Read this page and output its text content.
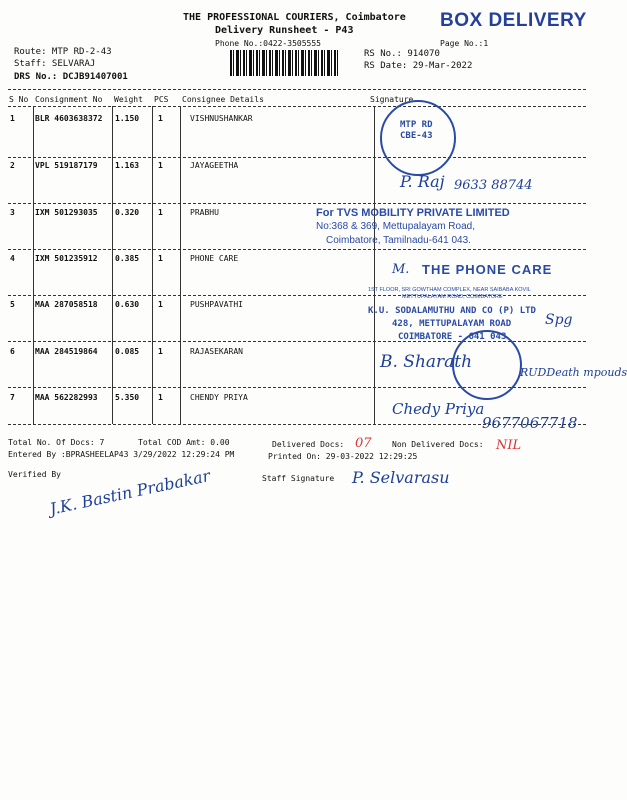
THE PROFESSIONAL COURIERS, Coimbatore
Delivery Runsheet - P43
Phone No.:0422-3505555	Page No.:1
BOX DELIVERY
Route: MTP RD-2-43
Staff: SELVARAJ
DRS No.: DCJB91407001
RS No.: 914070
RS Date: 29-Mar-2022
S No Consignment No Weight PCS Consignee Details	Signature
1	BLR 4603638372 1.150 1	VISHNUSHANKAR
2	VPL 519187179 1.163 1	JAYAGEETHA
3	IXM 501293035 0.320 1	PRABHU
4	IXM 501235912 0.385 1	PHONE CARE
5	MAA 287058518 0.630 1	PUSHPAVATHI
6	MAA 284519864 0.085 1	RAJASEKARAN
7	MAA 562282993 5.350 1	CHENDY PRIYA
MTP RD
CBE-43
P. Raj 9633 88744
For TVS MOBILITY PRIVATE LIMITED
No:368 & 369, Mettupalayam Road,
Coimbatore, Tamilnadu-641 043.
M. THE PHONE CARE
1ST FLOOR, SRI GOWTHAM COMPLEX, NEAR SAIBABA KOVIL
METTUPALAYAM ROAD, COIMBATORE
K.U. SODALAMUTHU AND CO (P) LTD
428, METTUPALAYAM ROAD
COIMBATORE - 641 043
Spg
B. Sharath
RUDDeath mpouds
Chedy Priya
9677067718
Total No. Of Docs: 7	Total COD Amt: 0.00	Delivered Docs: 07	Non Delivered Docs: NIL
Entered By :BPRASHEELAP43 3/29/2022 12:29:24 PM	Printed On: 29-03-2022 12:29:25
Verified By	Staff Signature P. Selvarasu
J.K. Bastin Prabakar
